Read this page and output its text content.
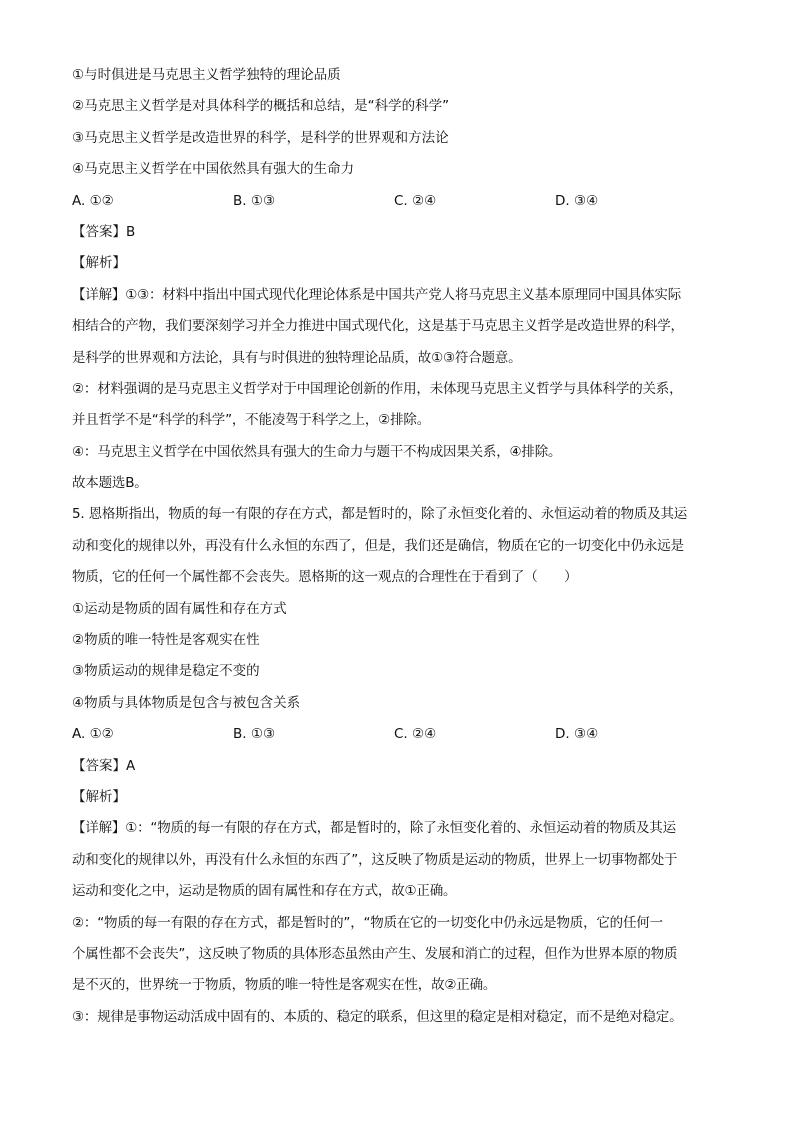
①与时俱进是马克思主义哲学独特的理论品质
②马克思主义哲学是对具体科学的概括和总结，是“科学的科学”
③马克思主义哲学是改造世界的科学，是科学的世界观和方法论
④马克思主义哲学在中国依然具有强大的生命力
A. ①②	B. ①③	C. ②④	D. ③④
【答案】B
【解析】
【详解】①③：材料中指出中国式现代化理论体系是中国共产党人将马克思主义基本原理同中国具体实际
相结合的产物，我们要深刻学习并全力推进中国式现代化，这是基于马克思主义哲学是改造世界的科学，
是科学的世界观和方法论，具有与时俱进的独特理论品质，故①③符合题意。
②：材料强调的是马克思主义哲学对于中国理论创新的作用，未体现马克思主义哲学与具体科学的关系，
并且哲学不是“科学的科学”，不能凌驾于科学之上，②排除。
④：马克思主义哲学在中国依然具有强大的生命力与题干不构成因果关系，④排除。
故本题选B。
5. 恩格斯指出，物质的每一有限的存在方式，都是暂时的，除了永恒变化着的、永恒运动着的物质及其运
动和变化的规律以外，再没有什么永恒的东西了，但是，我们还是确信，物质在它的一切变化中仍永远是
物质，它的任何一个属性都不会丧失。恩格斯的这一观点的合理性在于看到了（　　）
①运动是物质的固有属性和存在方式
②物质的唯一特性是客观实在性
③物质运动的规律是稳定不变的
④物质与具体物质是包含与被包含关系
A. ①②	B. ①③	C. ②④	D. ③④
【答案】A
【解析】
【详解】①：“物质的每一有限的存在方式，都是暂时的，除了永恒变化着的、永恒运动着的物质及其运
动和变化的规律以外，再没有什么永恒的东西了”，这反映了物质是运动的物质，世界上一切事物都处于
运动和变化之中，运动是物质的固有属性和存在方式，故①正确。
②：“物质的每一有限的存在方式，都是暂时的”，“物质在它的一切变化中仍永远是物质，它的任何一
个属性都不会丧失”，这反映了物质的具体形态虽然由产生、发展和消亡的过程，但作为世界本原的物质
是不灭的，世界统一于物质，物质的唯一特性是客观实在性，故②正确。
③：规律是事物运动活成中固有的、本质的、稳定的联系，但这里的稳定是相对稳定，而不是绝对稳定。
